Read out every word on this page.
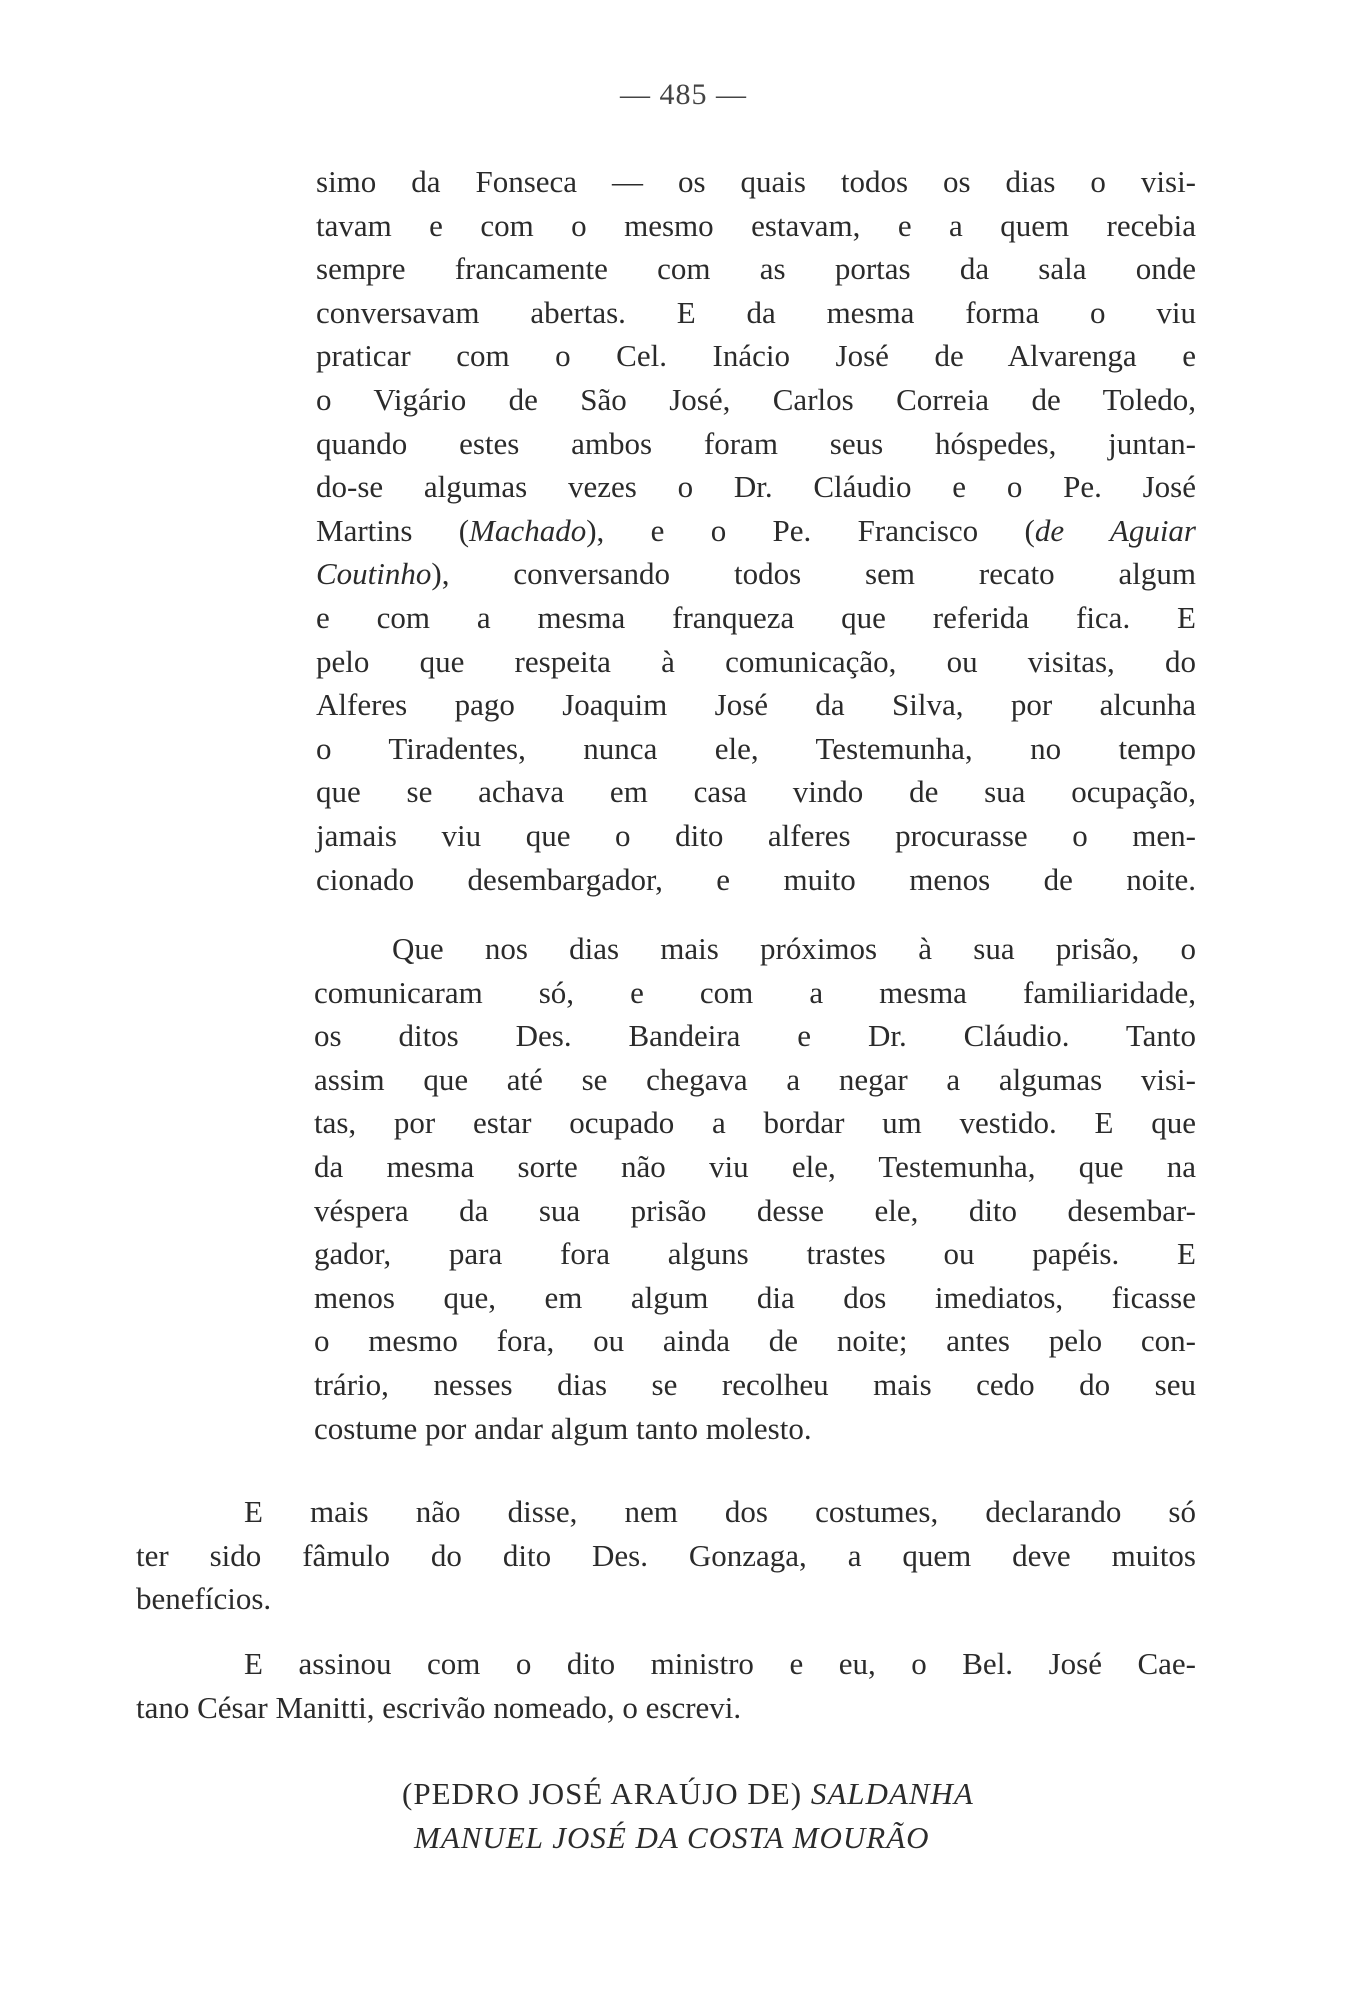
— 485 —
simo da Fonseca — os quais todos os dias o visi-
tavam e com o mesmo estavam, e a quem recebia
sempre francamente com as portas da sala onde
conversavam abertas. E da mesma forma o viu
praticar com o Cel. Inácio José de Alvarenga e
o Vigário de São José, Carlos Correia de Toledo,
quando estes ambos foram seus hóspedes, juntan-
do-se algumas vezes o Dr. Cláudio e o Pe. José
Martins (Machado), e o Pe. Francisco (de Aguiar
Coutinho), conversando todos sem recato algum
e com a mesma franqueza que referida fica. E
pelo que respeita à comunicação, ou visitas, do
Alferes pago Joaquim José da Silva, por alcunha
o Tiradentes, nunca ele, Testemunha, no tempo
que se achava em casa vindo de sua ocupação,
jamais viu que o dito alferes procurasse o men-
cionado desembargador, e muito menos de noite.
Que nos dias mais próximos à sua prisão, o
comunicaram só, e com a mesma familiaridade,
os ditos Des. Bandeira e Dr. Cláudio. Tanto
assim que até se chegava a negar a algumas visi-
tas, por estar ocupado a bordar um vestido. E que
da mesma sorte não viu ele, Testemunha, que na
véspera da sua prisão desse ele, dito desembar-
gador, para fora alguns trastes ou papéis. E
menos que, em algum dia dos imediatos, ficasse
o mesmo fora, ou ainda de noite; antes pelo con-
trário, nesses dias se recolheu mais cedo do seu
costume por andar algum tanto molesto.
E mais não disse, nem dos costumes, declarando só
ter sido fâmulo do dito Des. Gonzaga, a quem deve muitos
benefícios.
E assinou com o dito ministro e eu, o Bel. José Cae-
tano César Manitti, escrivão nomeado, o escrevi.
(PEDRO JOSÉ ARAÚJO DE) SALDANHA
MANUEL JOSÉ DA COSTA MOURÃO
